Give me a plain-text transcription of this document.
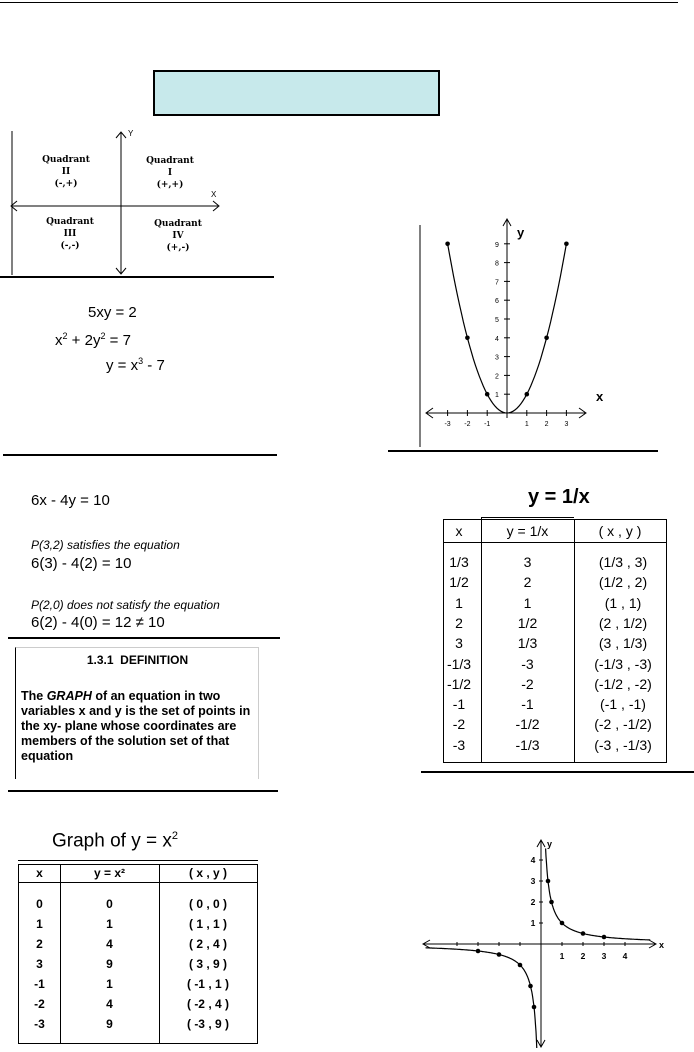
Y
X
Quadrant
II
(-,+)
Quadrant
I
(+,+)
Quadrant
III
(-,-)
Quadrant
IV
(+,-)
5xy = 2
$x^2 + 2y^2 = 7$
$y = x^3 - 7$
6x - 4y = 10
P(3,2) satisfies the equation
6(3) - 4(2) = 10
P(2,0) does not satisfy the equation
6(2) - 4(0) = 12 ≠ 10
1.3.1  DEFINITION
The GRAPH of an equation in two variables x and y is the set of points in the xy- plane whose coordinates are members of the solution set of that equation
Graph of $y = x^2$
x	y = x²	( x , y )
0	0	( 0 , 0 )
1	1	( 1 , 1 )
2	4	( 2 , 4 )
3	9	( 3 , 9 )
-1	1	( -1 , 1 )
-2	4	( -2 , 4 )
-3	9	( -3 , 9 )
y
x
1
2
3
4
5
6
7
8
9
-3 -2 -1	1 2 3
y = 1/x
x	y = 1/x	( x , y )
1/3	3	(1/3 , 3)
1/2	2	(1/2 , 2)
1	1	(1 , 1)
2	1/2	(2 , 1/2)
3	1/3	(3 , 1/3)
-1/3	-3	(-1/3 , -3)
-1/2	-2	(-1/2 , -2)
-1	-1	(-1 , -1)
-2	-1/2	(-2 , -1/2)
-3	-1/3	(-3 , -1/3)
y
x
1
2
3
4
1 2 3 4
